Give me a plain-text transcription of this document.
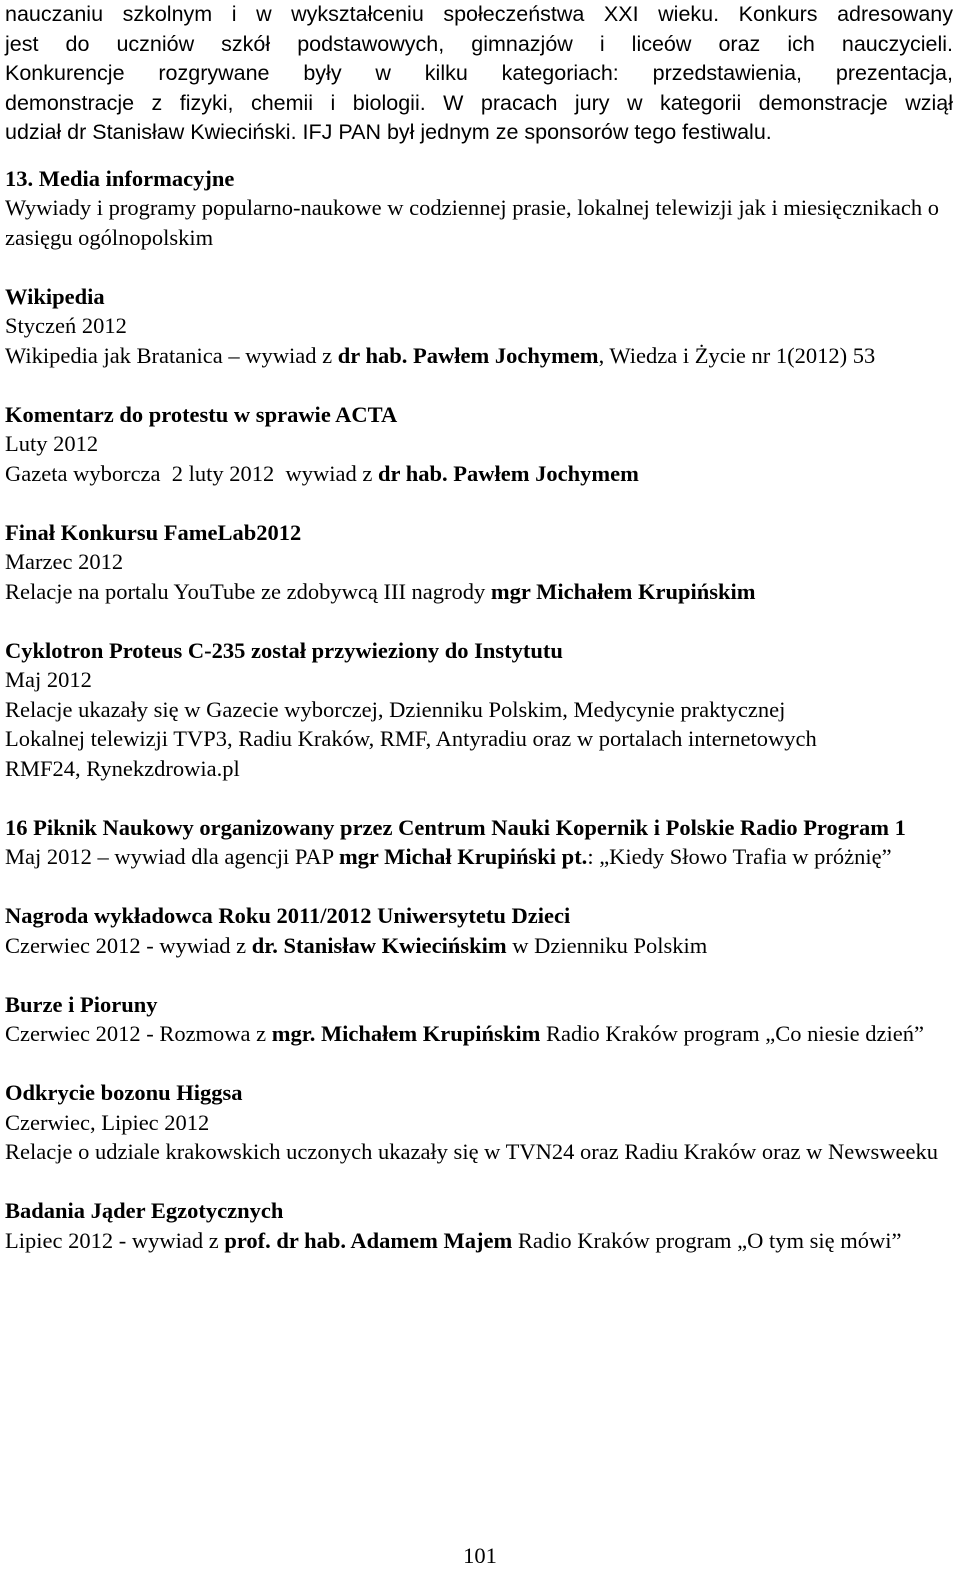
nauczaniu szkolnym i w wykształceniu społeczeństwa XXI wieku. Konkurs adresowany

jest do uczniów szkół podstawowych, gimnazjów i liceów oraz ich nauczycieli.

Konkurencje rozgrywane były w kilku kategoriach: przedstawienia, prezentacja,

demonstracje z fizyki, chemii i biologii. W pracach jury w kategorii demonstracje wziął

udział dr Stanisław Kwieciński. IFJ PAN był jednym ze sponsorów tego festiwalu.

13. Media informacyjne

Wywiady i programy popularno-naukowe w codziennej prasie, lokalnej telewizji jak i miesięcznikach o zasięgu ogólnopolskim

Wikipedia

Styczeń 2012

Wikipedia jak Bratanica – wywiad z dr hab. Pawłem Jochymem, Wiedza i Życie nr 1(2012) 53

Komentarz do protestu w sprawie ACTA

Luty 2012

Gazeta wyborcza  2 luty 2012  wywiad z dr hab. Pawłem Jochymem

Finał Konkursu FameLab2012

Marzec 2012

Relacje na portalu YouTube ze zdobywcą III nagrody mgr Michałem Krupińskim

Cyklotron Proteus C-235 został przywieziony do Instytutu

Maj 2012

Relacje ukazały się w Gazecie wyborczej, Dzienniku Polskim, Medycynie praktycznej

Lokalnej telewizji TVP3, Radiu Kraków, RMF, Antyradiu oraz w portalach internetowych

RMF24, Rynekzdrowia.pl

16 Piknik Naukowy organizowany przez Centrum Nauki Kopernik i Polskie Radio Program 1

Maj 2012 – wywiad dla agencji PAP mgr Michał Krupiński pt.: „Kiedy Słowo Trafia w próżnię”

Nagroda wykładowca Roku 2011/2012 Uniwersytetu Dzieci

Czerwiec 2012 - wywiad z dr. Stanisław Kwiecińskim w Dzienniku Polskim

Burze i Pioruny

Czerwiec 2012 - Rozmowa z mgr. Michałem Krupińskim Radio Kraków program „Co niesie dzień”

Odkrycie bozonu Higgsa

Czerwiec, Lipiec 2012

Relacje o udziale krakowskich uczonych ukazały się w TVN24 oraz Radiu Kraków oraz w Newsweeku

Badania Jąder Egzotycznych

Lipiec 2012 - wywiad z prof. dr hab. Adamem Majem Radio Kraków program „O tym się mówi”

101
